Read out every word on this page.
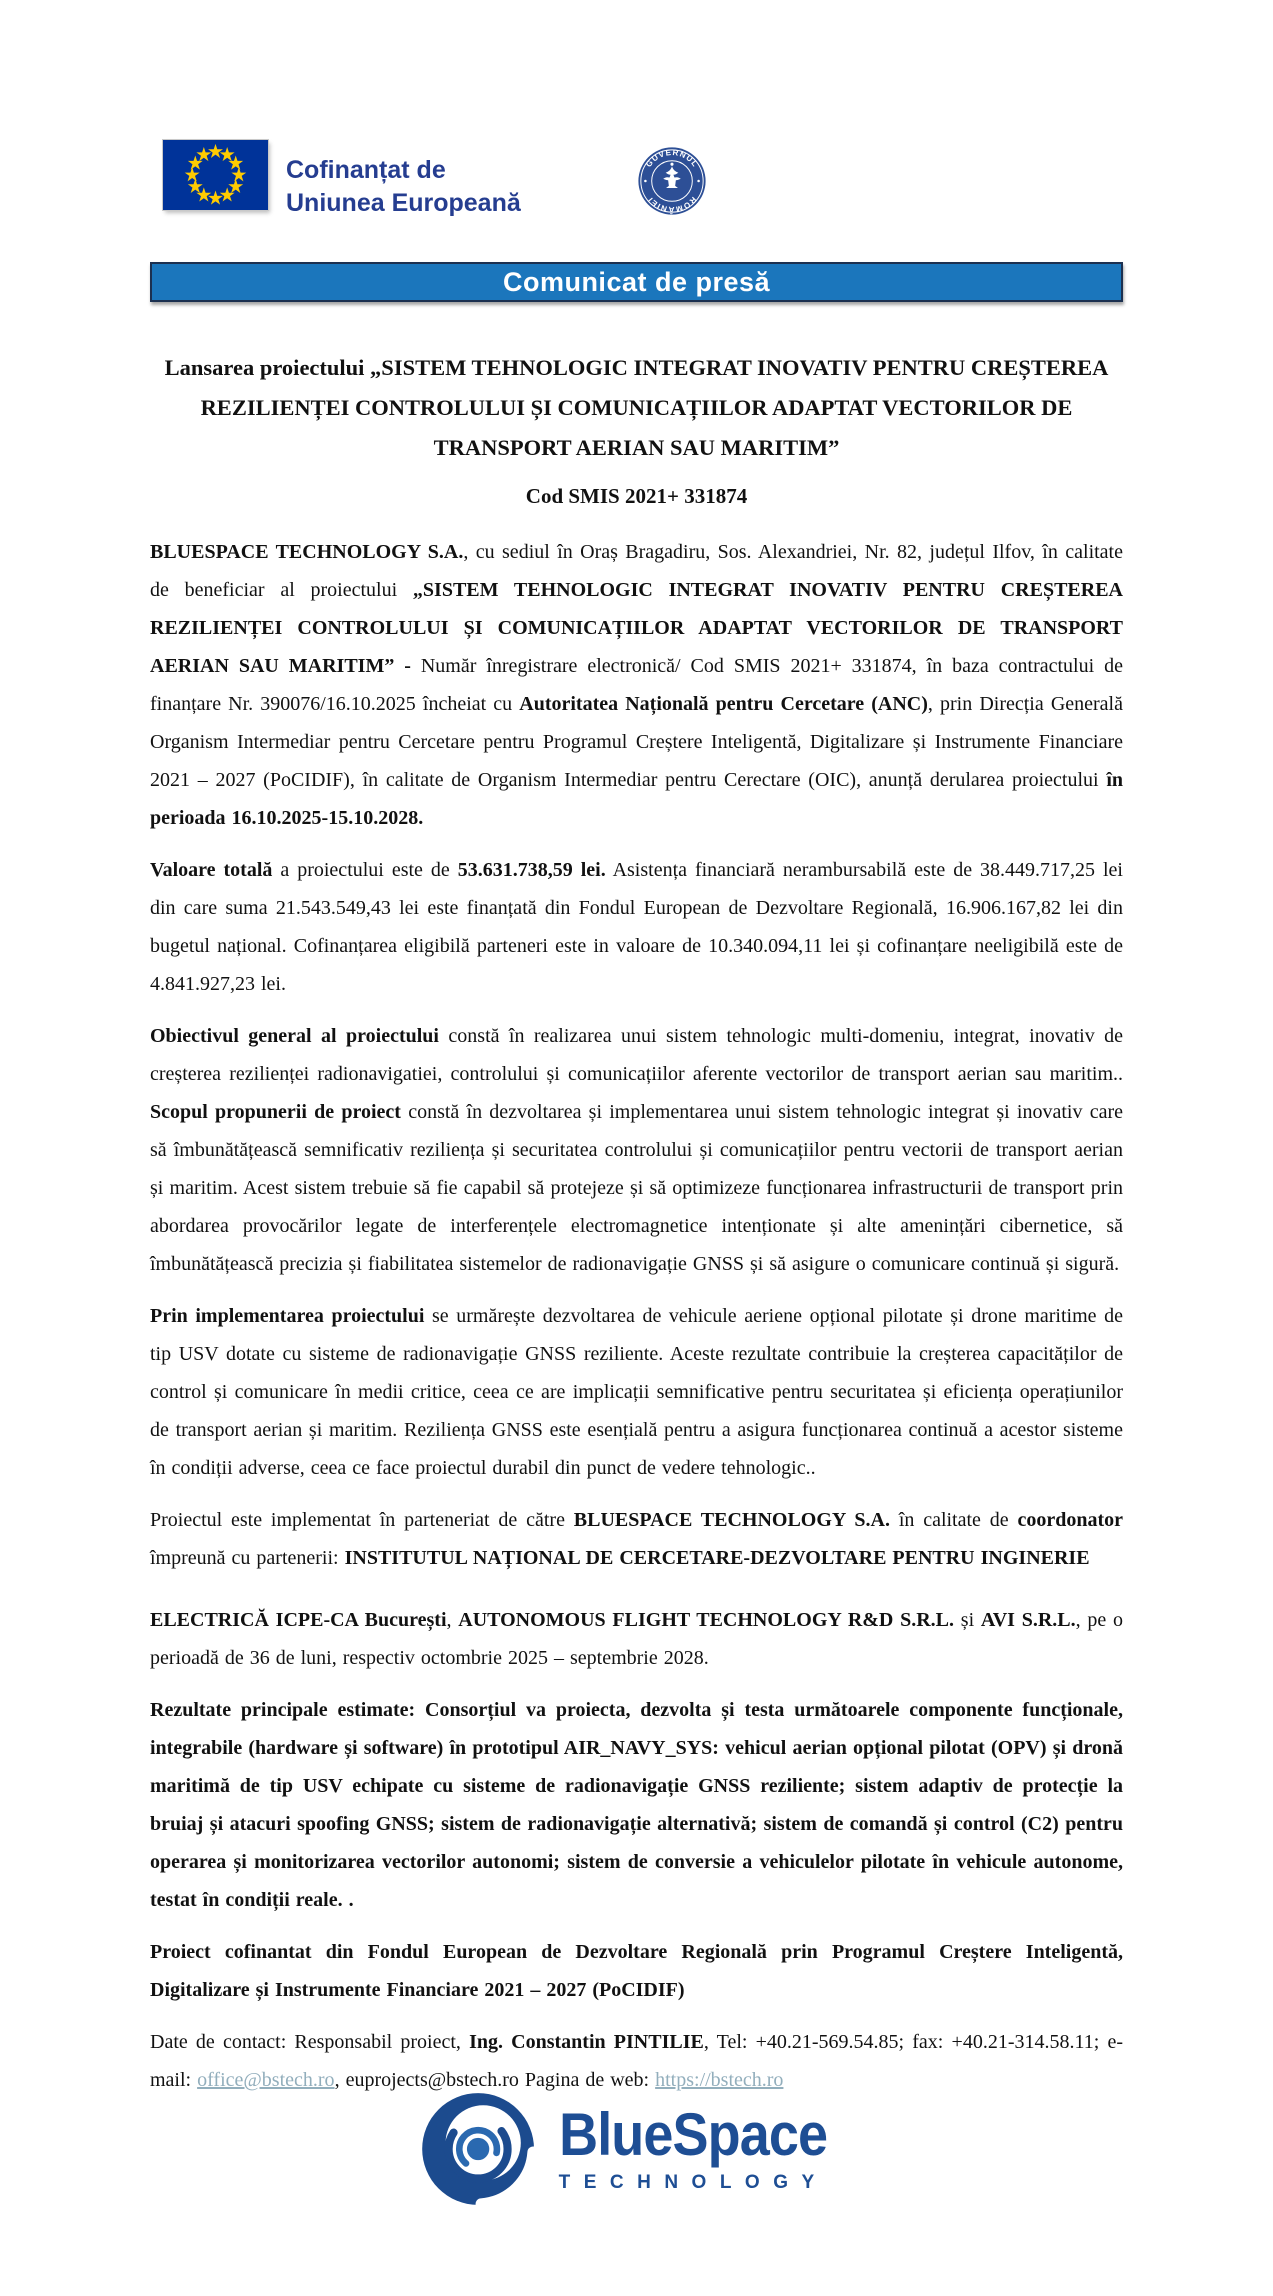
Cofinanțat de
Uniunea Europeană
GUVERNUL
ROMÂNIEI
Comunicat de presă
Lansarea proiectului „SISTEM TEHNOLOGIC INTEGRAT INOVATIV PENTRU CREȘTEREA REZILIENȚEI CONTROLULUI ȘI COMUNICAȚIILOR ADAPTAT VECTORILOR DE TRANSPORT AERIAN SAU MARITIM”
Cod SMIS 2021+ 331874
BLUESPACE TECHNOLOGY S.A., cu sediul în Oraș Bragadiru, Sos. Alexandriei, Nr. 82, județul Ilfov, în calitate de beneficiar al proiectului „SISTEM TEHNOLOGIC INTEGRAT INOVATIV PENTRU CREȘTEREA REZILIENȚEI CONTROLULUI ȘI COMUNICAȚIILOR ADAPTAT VECTORILOR DE TRANSPORT AERIAN SAU MARITIM” - Număr înregistrare electronică/ Cod SMIS 2021+ 331874, în baza contractului de finanțare Nr. 390076/16.10.2025 încheiat cu Autoritatea Națională pentru Cercetare (ANC), prin Direcția Generală Organism Intermediar pentru Cercetare pentru Programul Creștere Inteligentă, Digitalizare și Instrumente Financiare 2021 – 2027 (PoCIDIF), în calitate de Organism Intermediar pentru Cerectare (OIC), anunță derularea proiectului în perioada 16.10.2025-15.10.2028.
Valoare totală a proiectului este de 53.631.738,59 lei. Asistența financiară nerambursabilă este de 38.449.717,25 lei din care suma 21.543.549,43 lei este finanțată din Fondul European de Dezvoltare Regională, 16.906.167,82 lei din bugetul național. Cofinanțarea eligibilă parteneri este in valoare de 10.340.094,11 lei și cofinanțare neeligibilă este de 4.841.927,23 lei.
Obiectivul general al proiectului constă în realizarea unui sistem tehnologic multi-domeniu, integrat, inovativ de creșterea rezilienței radionavigatiei, controlului și comunicațiilor aferente vectorilor de transport aerian sau maritim.. Scopul propunerii de proiect constă în dezvoltarea și implementarea unui sistem tehnologic integrat și inovativ care să îmbunătățească semnificativ reziliența și securitatea controlului și comunicațiilor pentru vectorii de transport aerian și maritim. Acest sistem trebuie să fie capabil să protejeze și să optimizeze funcționarea infrastructurii de transport prin abordarea provocărilor legate de interferențele electromagnetice intenționate și alte amenințări cibernetice, să îmbunătățească precizia și fiabilitatea sistemelor de radionavigație GNSS și să asigure o comunicare continuă și sigură.
Prin implementarea proiectului se urmărește dezvoltarea de vehicule aeriene opțional pilotate și drone maritime de tip USV dotate cu sisteme de radionavigație GNSS reziliente. Aceste rezultate contribuie la creșterea capacităților de control și comunicare în medii critice, ceea ce are implicații semnificative pentru securitatea și eficiența operațiunilor de transport aerian și maritim. Reziliența GNSS este esențială pentru a asigura funcționarea continuă a acestor sisteme în condiții adverse, ceea ce face proiectul durabil din punct de vedere tehnologic..
Proiectul este implementat în parteneriat de către BLUESPACE TECHNOLOGY S.A. în calitate de coordonator împreună cu partenerii: INSTITUTUL NAȚIONAL DE CERCETARE-DEZVOLTARE PENTRU INGINERIE
ELECTRICĂ ICPE-CA București, AUTONOMOUS FLIGHT TECHNOLOGY R&D S.R.L. și AVI S.R.L., pe o perioadă de 36 de luni, respectiv octombrie 2025 – septembrie 2028.
Rezultate principale estimate: Consorțiul va proiecta, dezvolta și testa următoarele componente funcționale, integrabile (hardware și software) în prototipul AIR_NAVY_SYS: vehicul aerian opțional pilotat (OPV) și dronă maritimă de tip USV echipate cu sisteme de radionavigație GNSS reziliente; sistem adaptiv de protecție la bruiaj și atacuri spoofing GNSS; sistem de radionavigație alternativă; sistem de comandă și control (C2) pentru operarea și monitorizarea vectorilor autonomi; sistem de conversie a vehiculelor pilotate în vehicule autonome, testat în condiții reale. .
Proiect cofinantat din Fondul European de Dezvoltare Regională prin Programul Creștere Inteligentă, Digitalizare și Instrumente Financiare 2021 – 2027 (PoCIDIF)
Date de contact: Responsabil proiect, Ing. Constantin PINTILIE, Tel: +40.21-569.54.85; fax: +40.21-314.58.11; e-mail: office@bstech.ro, euprojects@bstech.ro Pagina de web: https://bstech.ro
BlueSpace
TECHNOLOGY
